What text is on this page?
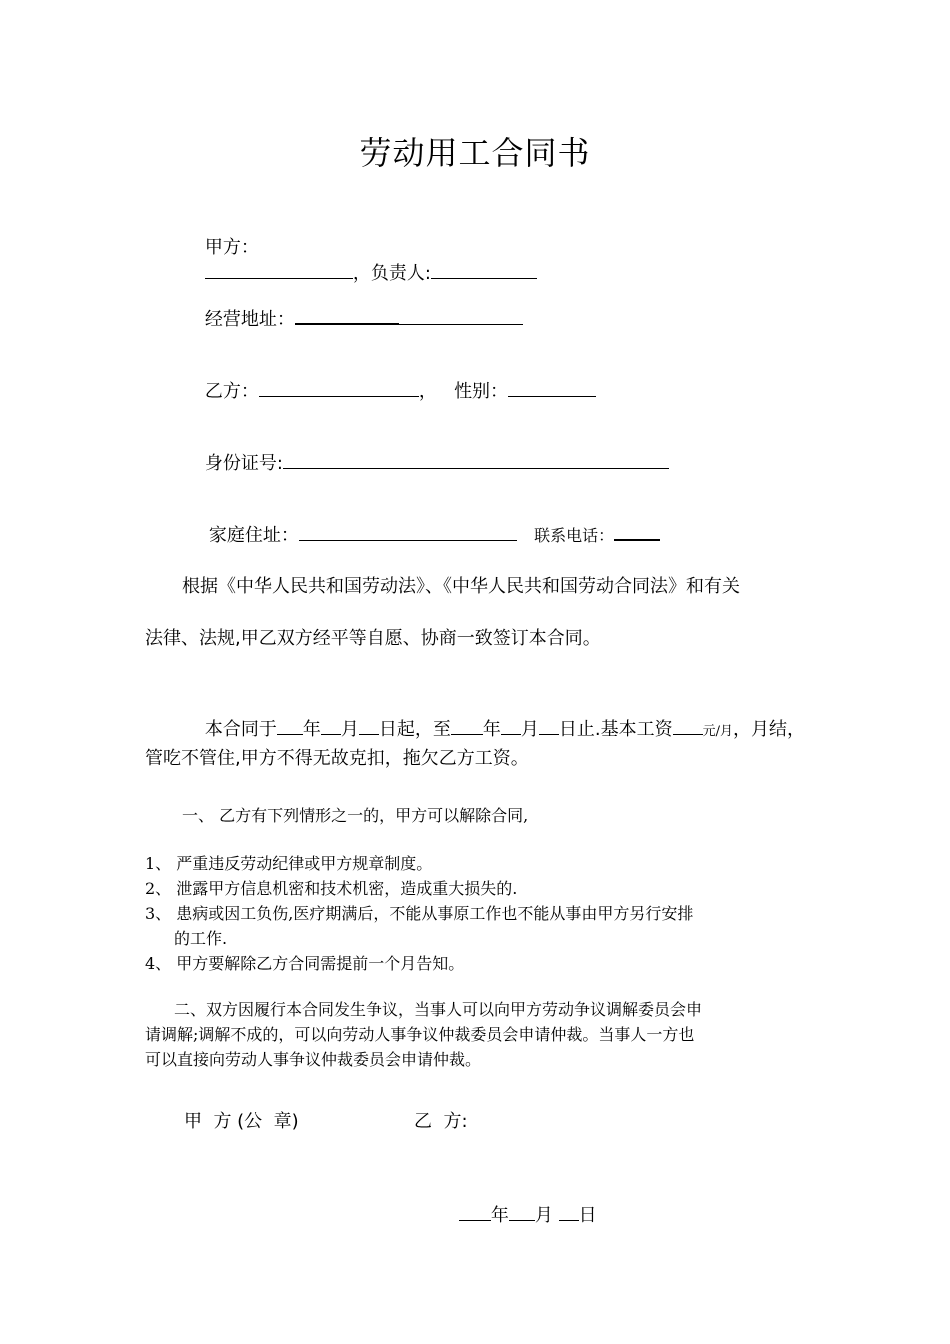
劳动用工合同书

甲方：
，负责人:

经营地址：

乙方：	， 性别：

身份证号:

家庭住址：	联系电话：

根据《中华人民共和国劳动法》、《中华人民共和国劳动合同法》和有关
法律、法规,甲乙双方经平等自愿、协商一致签订本合同。

本合同于 年 月 日起，至 年 月 日止.基本工资 元/月，月结，

管吃不管住,甲方不得无故克扣，拖欠乙方工资。
一、 乙方有下列情形之一的，甲方可以解除合同,
1、 严重违反劳动纪律或甲方规章制度。
2、 泄露甲方信息机密和技术机密，造成重大损失的.
3、 患病或因工负伤,医疗期满后，不能从事原工作也不能从事由甲方另行安排
的工作.
4、 甲方要解除乙方合同需提前一个月告知。
二、双方因履行本合同发生争议，当事人可以向甲方劳动争议调解委员会申
请调解;调解不成的，可以向劳动人事争议仲裁委员会申请仲裁。当事人一方也
可以直接向劳动人事争议仲裁委员会申请仲裁。
甲  方 (公  章)	乙  方:

年 月 日
